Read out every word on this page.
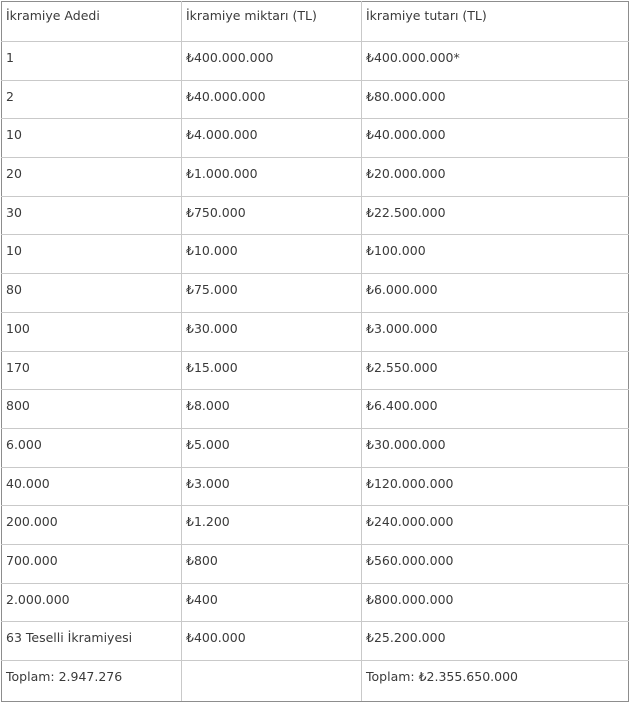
İkramiye Adedi	İkramiye miktarı (TL)	İkramiye tutarı (TL)
1	₺400.000.000	₺400.000.000*
2	₺40.000.000	₺80.000.000
10	₺4.000.000	₺40.000.000
20	₺1.000.000	₺20.000.000
30	₺750.000	₺22.500.000
10	₺10.000	₺100.000
80	₺75.000	₺6.000.000
100	₺30.000	₺3.000.000
170	₺15.000	₺2.550.000
800	₺8.000	₺6.400.000
6.000	₺5.000	₺30.000.000
40.000	₺3.000	₺120.000.000
200.000	₺1.200	₺240.000.000
700.000	₺800	₺560.000.000
2.000.000	₺400	₺800.000.000
63 Teselli İkramiyesi	₺400.000	₺25.200.000
Toplam: 2.947.276		Toplam: ₺2.355.650.000
